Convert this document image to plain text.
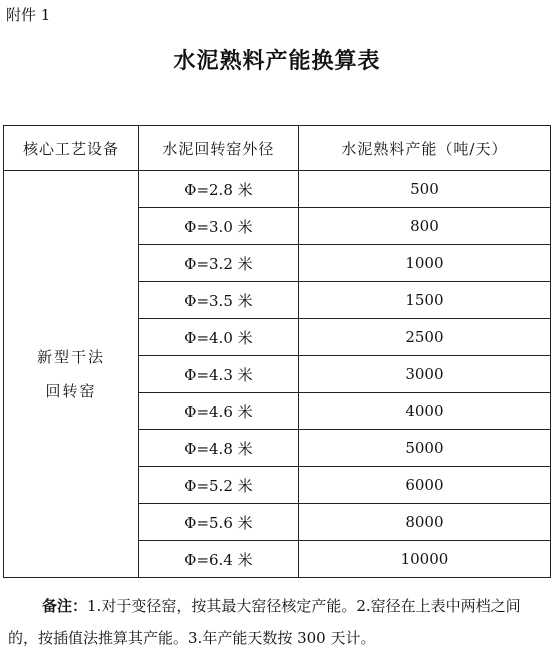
附件 1
水泥熟料产能换算表
核心工艺设备	水泥回转窑外径	水泥熟料产能（吨/天）

新型干法
回转窑	Φ=2.8 米	500
	Φ=3.0 米	800
	Φ=3.2 米	1000
	Φ=3.5 米	1500
	Φ=4.0 米	2500
	Φ=4.3 米	3000
	Φ=4.6 米	4000
	Φ=4.8 米	5000
	Φ=5.2 米	6000
	Φ=5.6 米	8000
	Φ=6.4 米	10000
备注：1.对于变径窑，按其最大窑径核定产能。2.窑径在上表中两档之间的，按插值法推算其产能。3.年产能天数按 300 天计。
